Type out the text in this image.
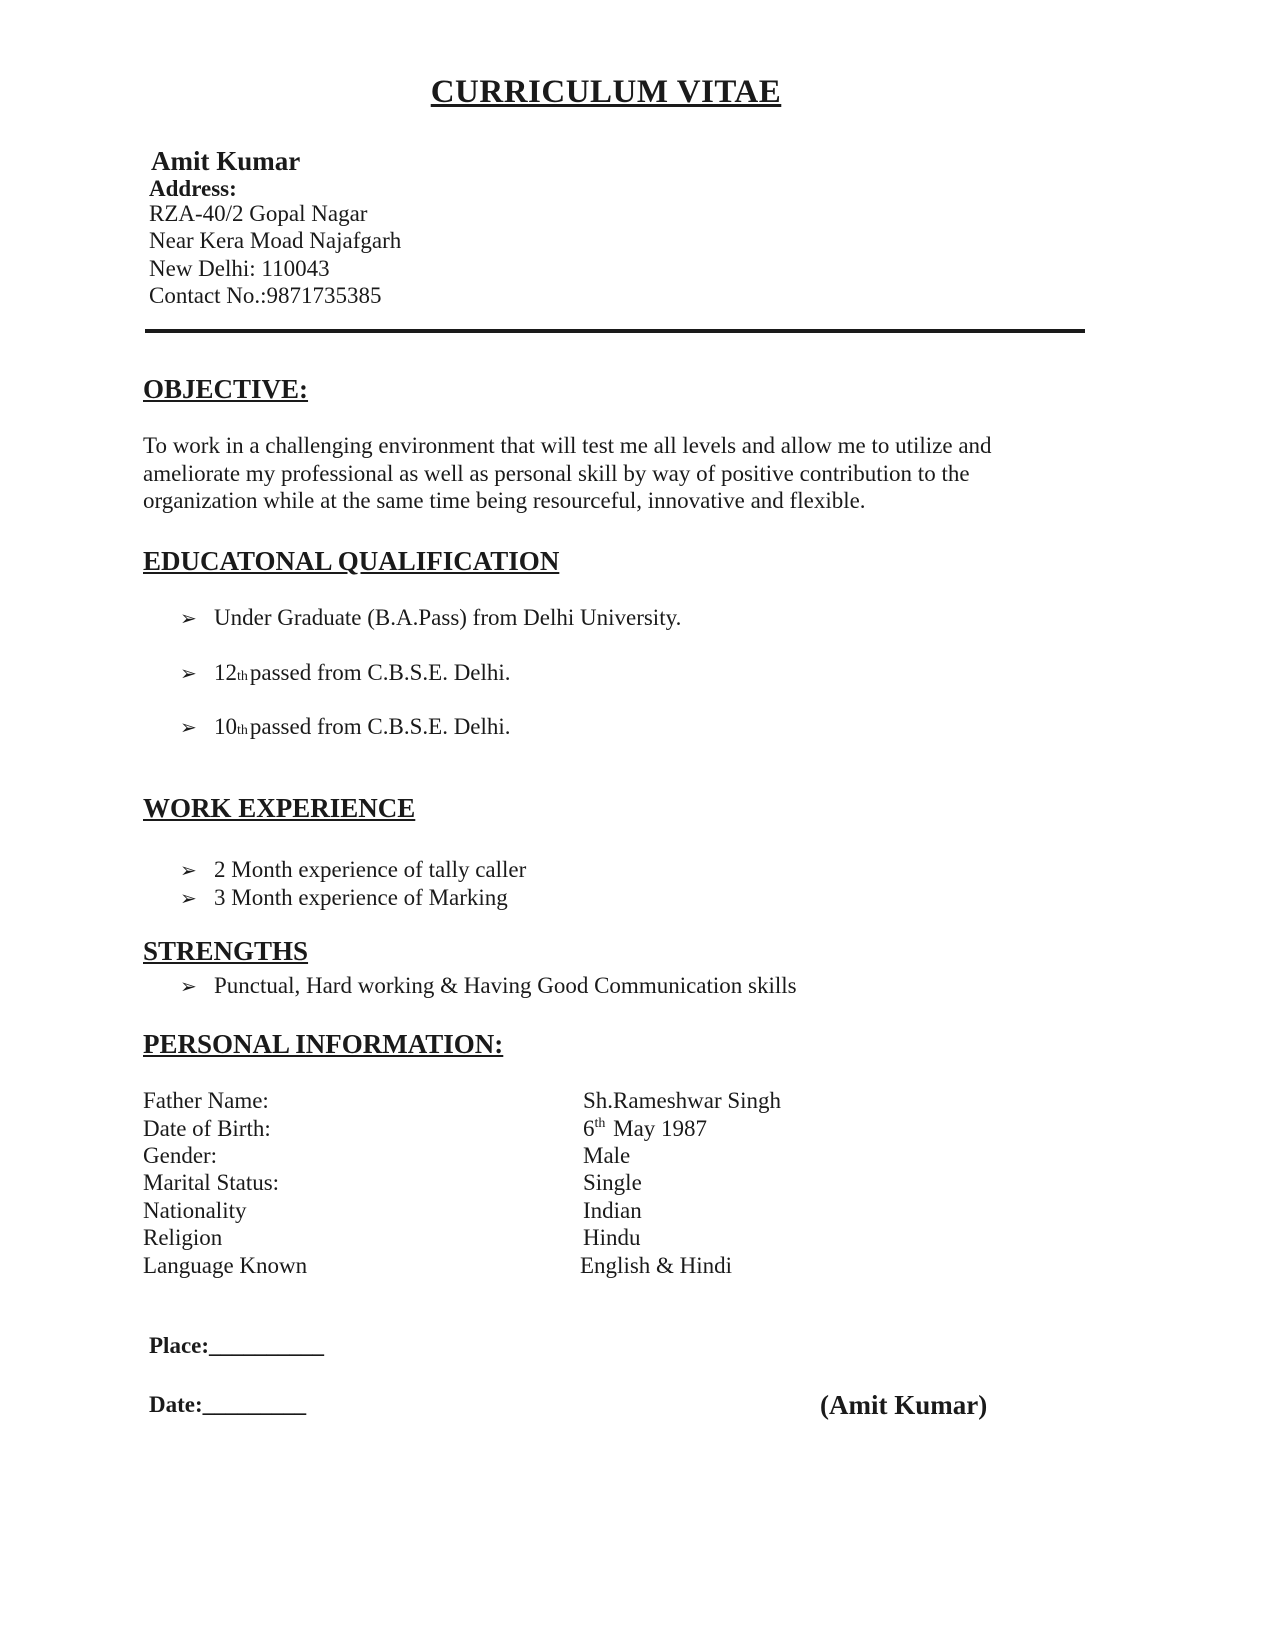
CURRICULUM VITAE
Amit Kumar
Address:
RZA-40/2 Gopal Nagar
Near Kera Moad Najafgarh
New Delhi: 110043
Contact No.:9871735385
OBJECTIVE:
To work in a challenging environment that will test me all levels and allow me to utilize and
ameliorate my professional as well as personal skill by way of positive contribution to the
organization while at the same time being resourceful, innovative and flexible.
EDUCATONAL QUALIFICATION
➢ Under Graduate (B.A.Pass) from Delhi University.
➢ 12 th passed from C.B.S.E. Delhi.
➢ 10 th passed from C.B.S.E. Delhi.
WORK EXPERIENCE
➢ 2 Month experience of tally caller
➢ 3 Month experience of Marking
STRENGTHS
➢ Punctual, Hard working & Having Good Communication skills
PERSONAL INFORMATION:
Father Name:	Sh.Rameshwar Singh
Date of Birth:	6th May 1987
Gender:	Male
Marital Status:	Single
Nationality	Indian
Religion	Hindu
Language Known	English & Hindi
Place:__________
Date:_________	(Amit Kumar)
